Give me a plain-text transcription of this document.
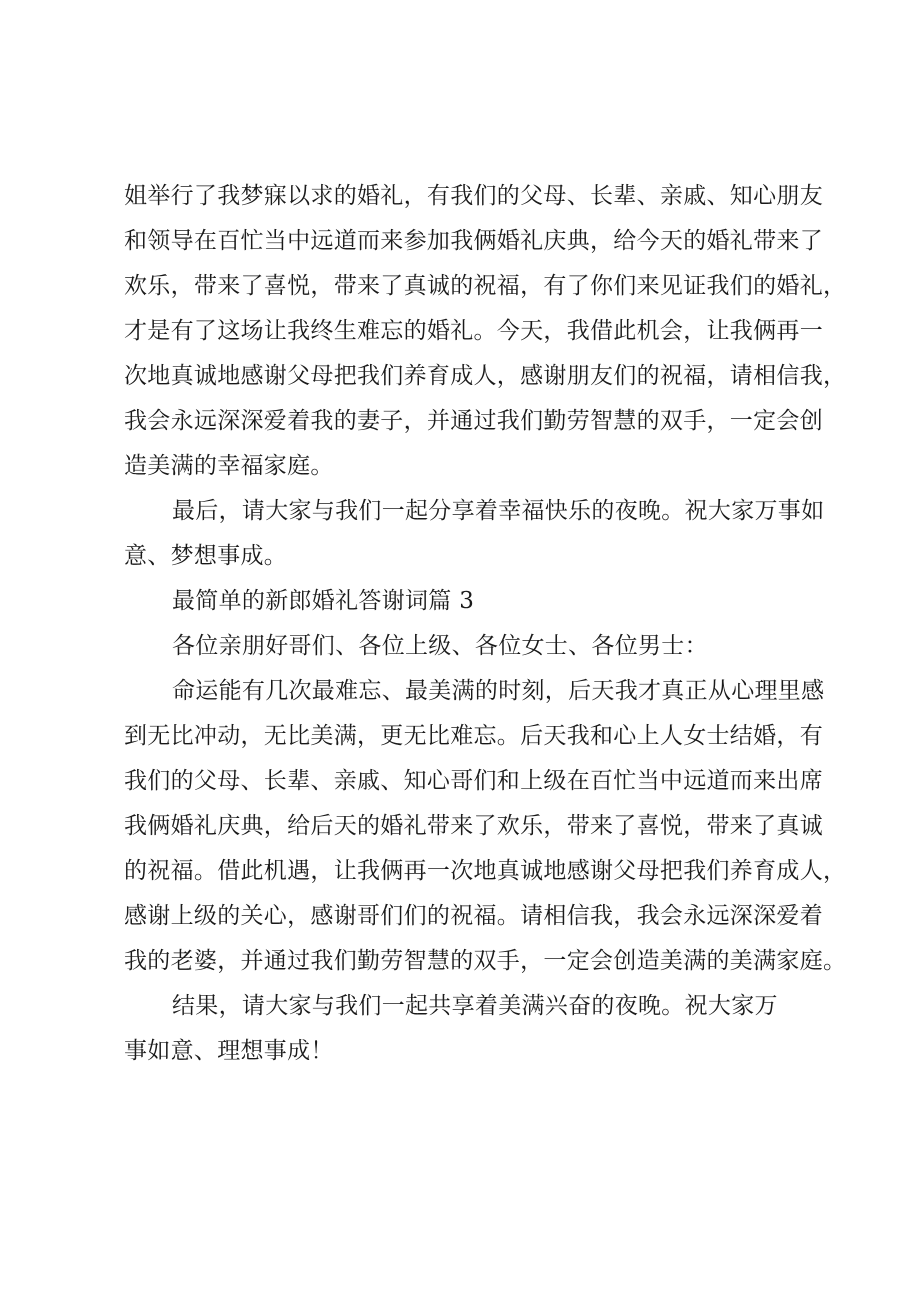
姐举行了我梦寐以求的婚礼，有我们的父母、长辈、亲戚、知心朋友

和领导在百忙当中远道而来参加我俩婚礼庆典，给今天的婚礼带来了

欢乐，带来了喜悦，带来了真诚的祝福，有了你们来见证我们的婚礼，

才是有了这场让我终生难忘的婚礼。今天，我借此机会，让我俩再一

次地真诚地感谢父母把我们养育成人，感谢朋友们的祝福，请相信我，

我会永远深深爱着我的妻子，并通过我们勤劳智慧的双手，一定会创

造美满的幸福家庭。

最后，请大家与我们一起分享着幸福快乐的夜晚。祝大家万事如

意、梦想事成。

最简单的新郎婚礼答谢词篇 3

各位亲朋好哥们、各位上级、各位女士、各位男士：

命运能有几次最难忘、最美满的时刻，后天我才真正从心理里感

到无比冲动，无比美满，更无比难忘。后天我和心上人女士结婚，有

我们的父母、长辈、亲戚、知心哥们和上级在百忙当中远道而来出席

我俩婚礼庆典，给后天的婚礼带来了欢乐，带来了喜悦，带来了真诚

的祝福。借此机遇，让我俩再一次地真诚地感谢父母把我们养育成人，

感谢上级的关心，感谢哥们们的祝福。请相信我，我会永远深深爱着

我的老婆，并通过我们勤劳智慧的双手，一定会创造美满的美满家庭。

结果，请大家与我们一起共享着美满兴奋的夜晚。祝大家万

事如意、理想事成！
